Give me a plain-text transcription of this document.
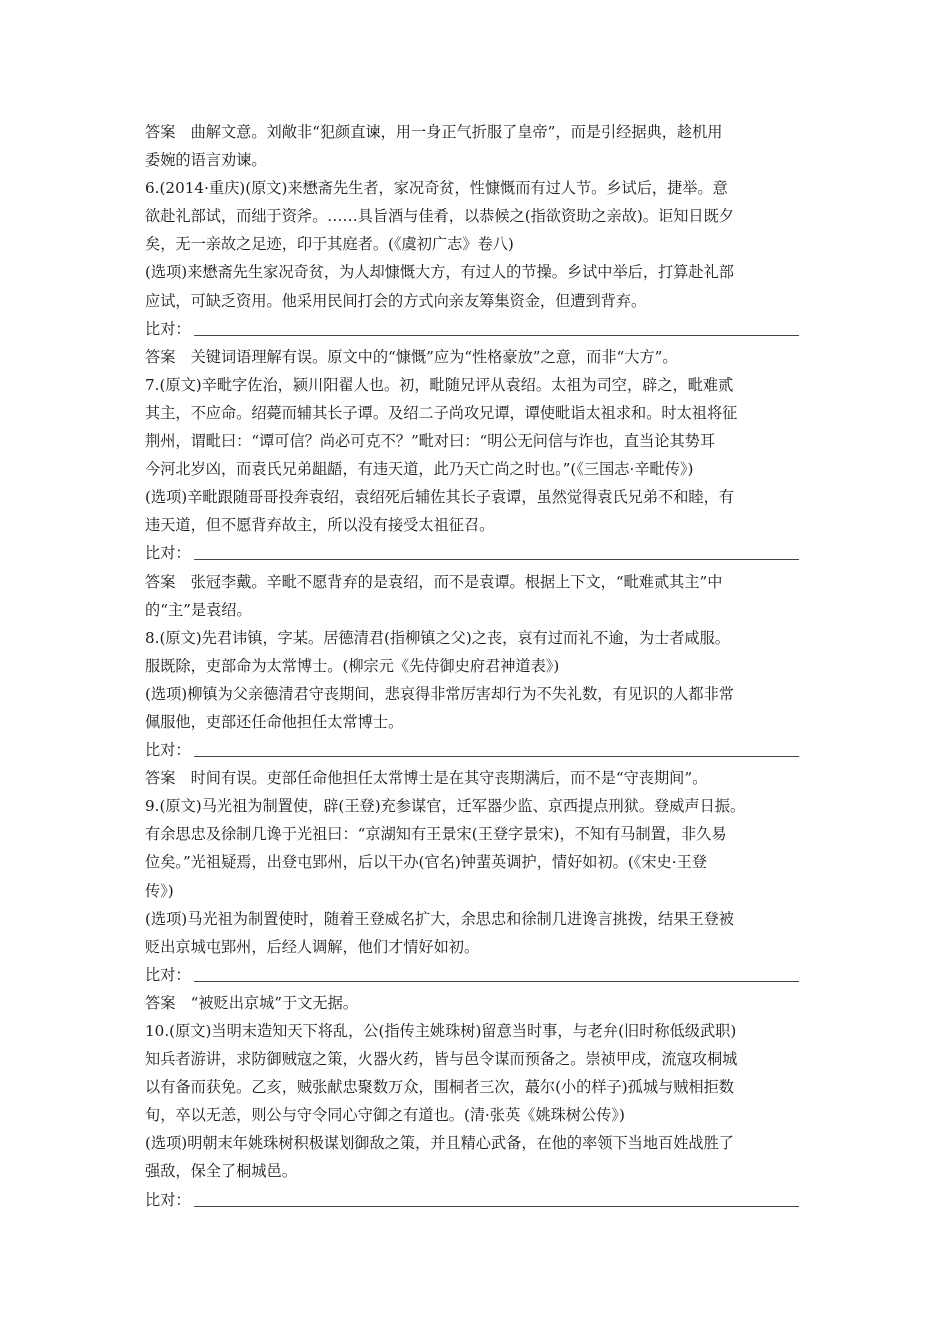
答案　曲解文意。刘敞非“犯颜直谏，用一身正气折服了皇帝”，而是引经据典，趁机用
委婉的语言劝谏。
6.(2014·重庆)(原文)来懋斋先生者，家况奇贫，性慷慨而有过人节。乡试后，捷举。意
欲赴礼部试，而绌于资斧。……具旨酒与佳肴，以恭候之(指欲资助之亲故)。讵知日既夕
矣，无一亲故之足迹，印于其庭者。(《虞初广志》卷八)
(选项)来懋斋先生家况奇贫，为人却慷慨大方，有过人的节操。乡试中举后，打算赴礼部
应试，可缺乏资用。他采用民间打会的方式向亲友筹集资金，但遭到背弃。
比对：
答案　关键词语理解有误。原文中的“慷慨”应为“性格豪放”之意，而非“大方”。
7.(原文)辛毗字佐治，颍川阳翟人也。初，毗随兄评从袁绍。太祖为司空，辟之，毗难贰
其主，不应命。绍薨而辅其长子谭。及绍二子尚攻兄谭，谭使毗诣太祖求和。时太祖将征
荆州，谓毗曰：“谭可信？尚必可克不？”毗对曰：“明公无问信与诈也，直当论其势耳
今河北岁凶，而袁氏兄弟龃龉，有违天道，此乃天亡尚之时也。”(《三国志·辛毗传》)
(选项)辛毗跟随哥哥投奔袁绍，袁绍死后辅佐其长子袁谭，虽然觉得袁氏兄弟不和睦，有
违天道，但不愿背弃故主，所以没有接受太祖征召。
比对：
答案　张冠李戴。辛毗不愿背弃的是袁绍，而不是袁谭。根据上下文，“毗难贰其主”中
的“主”是袁绍。
8.(原文)先君讳镇，字某。居德清君(指柳镇之父)之丧，哀有过而礼不逾，为士者咸服。
服既除，吏部命为太常博士。(柳宗元《先侍御史府君神道表》)
(选项)柳镇为父亲德清君守丧期间，悲哀得非常厉害却行为不失礼数，有见识的人都非常
佩服他，吏部还任命他担任太常博士。
比对：
答案　时间有误。吏部任命他担任太常博士是在其守丧期满后，而不是“守丧期间”。
9.(原文)马光祖为制置使，辟(王登)充参谋官，迁军器少监、京西提点刑狱。登威声日振。
有余思忠及徐制几谗于光祖曰：“京湖知有王景宋(王登字景宋)，不知有马制置，非久易
位矣。”光祖疑焉，出登屯郢州，后以干办(官名)钟蜚英调护，情好如初。(《宋史·王登
传》)
(选项)马光祖为制置使时，随着王登威名扩大，余思忠和徐制几进谗言挑拨，结果王登被
贬出京城屯郢州，后经人调解，他们才情好如初。
比对：
答案　“被贬出京城”于文无据。
10.(原文)当明末造知天下将乱，公(指传主姚珠树)留意当时事，与老弁(旧时称低级武职)
知兵者游讲，求防御贼寇之策，火器火药，皆与邑令谋而预备之。崇祯甲戌，流寇攻桐城
以有备而获免。乙亥，贼张献忠聚数万众，围桐者三次，蕞尔(小的样子)孤城与贼相拒数
旬，卒以无恙，则公与守令同心守御之有道也。(清·张英《姚珠树公传》)
(选项)明朝末年姚珠树积极谋划御敌之策，并且精心武备，在他的率领下当地百姓战胜了
强敌，保全了桐城邑。
比对：
